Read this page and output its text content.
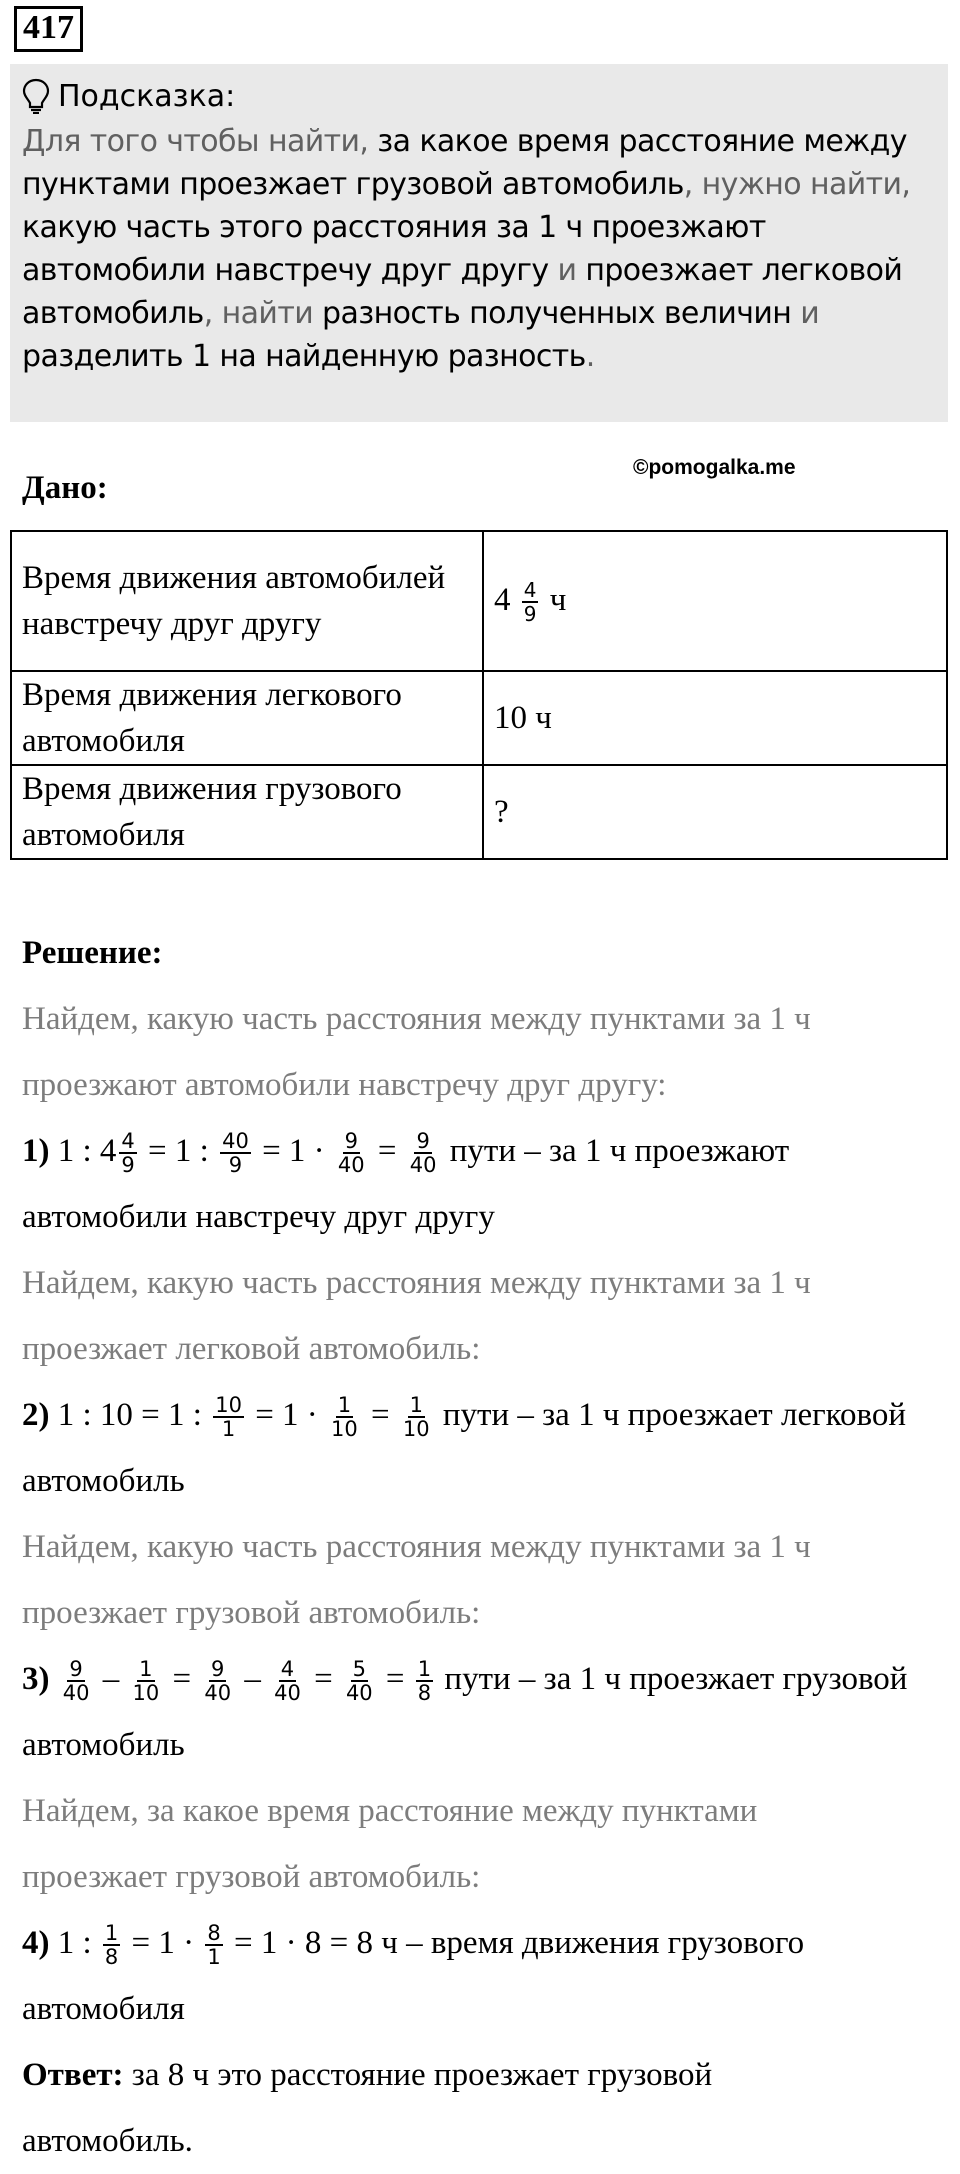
417
Подсказка:

Для того чтобы найти, за какое время расстояние между пунктами проезжает грузовой автомобиль, нужно найти, какую часть этого расстояния за 1 ч проезжают автомобили навстречу друг другу и проезжает легковой автомобиль, найти разность полученных величин и разделить 1 на найденную разность.

©pomogalka.me
Дано:
Время движения автомобилей навстречу друг другу	$4 \frac{4}{9}$ ч
Время движения легкового автомобиля	10 ч
Время движения грузового автомобиля	?
Решение:
Найдем, какую часть расстояния между пунктами за 1 ч
проезжают автомобили навстречу друг другу:
1) 1 : $4 \frac{4}{9} = 1$ : $\frac{40}{9} = 1 \cdot \frac{9}{40} = \frac{9}{40}$ пути – за 1 ч проезжают
автомобили навстречу друг другу
Найдем, какую часть расстояния между пунктами за 1 ч
проезжает легковой автомобиль:
2) 1 : 10 = 1 : $\frac{10}{1} = 1 \cdot \frac{1}{10} = \frac{1}{10}$ пути – за 1 ч проезжает легковой
автомобиль
Найдем, какую часть расстояния между пунктами за 1 ч
проезжает грузовой автомобиль:
$3) \frac{9}{40} - \frac{1}{10} = \frac{9}{40} - \frac{4}{40} = \frac{5}{40} = \frac{1}{8}$ пути – за 1 ч проезжает грузовой
автомобиль
Найдем, за какое время расстояние между пунктами
проезжает грузовой автомобиль:
4) 1 : $\frac{1}{8} = 1 \cdot \frac{8}{1} = 1 \cdot 8 = 8$ ч – время движения грузового
автомобиля
Ответ: за 8 ч это расстояние проезжает грузовой
автомобиль.
